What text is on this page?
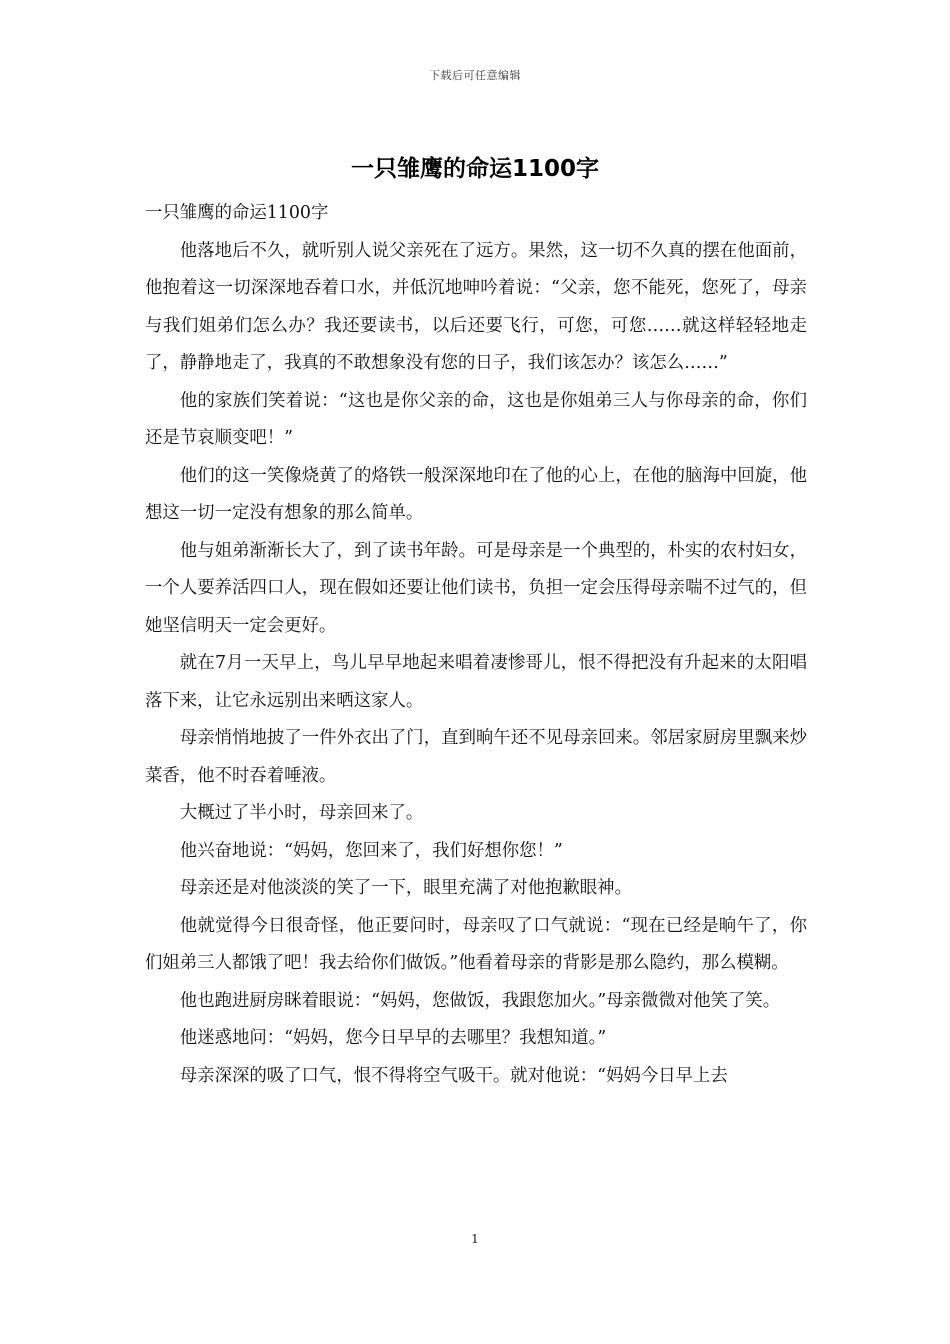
下载后可任意编辑
一只雏鹰的命运1100字

一只雏鹰的命运1100字

他落地后不久，就听别人说父亲死在了远方。果然，这一切不久真的摆在他面前，他抱着这一切深深地吞着口水，并低沉地呻吟着说：“父亲，您不能死，您死了，母亲与我们姐弟们怎么办？我还要读书，以后还要飞行，可您，可您……就这样轻轻地走了，静静地走了，我真的不敢想象没有您的日子，我们该怎办？该怎么……”

他的家族们笑着说：“这也是你父亲的命，这也是你姐弟三人与你母亲的命，你们还是节哀顺变吧！”

他们的这一笑像烧黄了的烙铁一般深深地印在了他的心上，在他的脑海中回旋，他想这一切一定没有想象的那么简单。

他与姐弟渐渐长大了，到了读书年龄。可是母亲是一个典型的，朴实的农村妇女，一个人要养活四口人，现在假如还要让他们读书，负担一定会压得母亲喘不过气的，但她坚信明天一定会更好。

就在7月一天早上，鸟儿早早地起来唱着凄惨哥儿，恨不得把没有升起来的太阳唱落下来，让它永远别出来晒这家人。

母亲悄悄地披了一件外衣出了门，直到晌午还不见母亲回来。邻居家厨房里飘来炒菜香，他不时吞着唾液。

大概过了半小时，母亲回来了。

他兴奋地说：“妈妈，您回来了，我们好想你您！”

母亲还是对他淡淡的笑了一下，眼里充满了对他抱歉眼神。

他就觉得今日很奇怪，他正要问时，母亲叹了口气就说：“现在已经是晌午了，你们姐弟三人都饿了吧！我去给你们做饭。”他看着母亲的背影是那么隐约，那么模糊。

他也跑进厨房眯着眼说：“妈妈，您做饭，我跟您加火。”母亲微微对他笑了笑。

他迷惑地问：“妈妈，您今日早早的去哪里？我想知道。”

母亲深深的吸了口气，恨不得将空气吸干。就对他说：“妈妈今日早上去

1
